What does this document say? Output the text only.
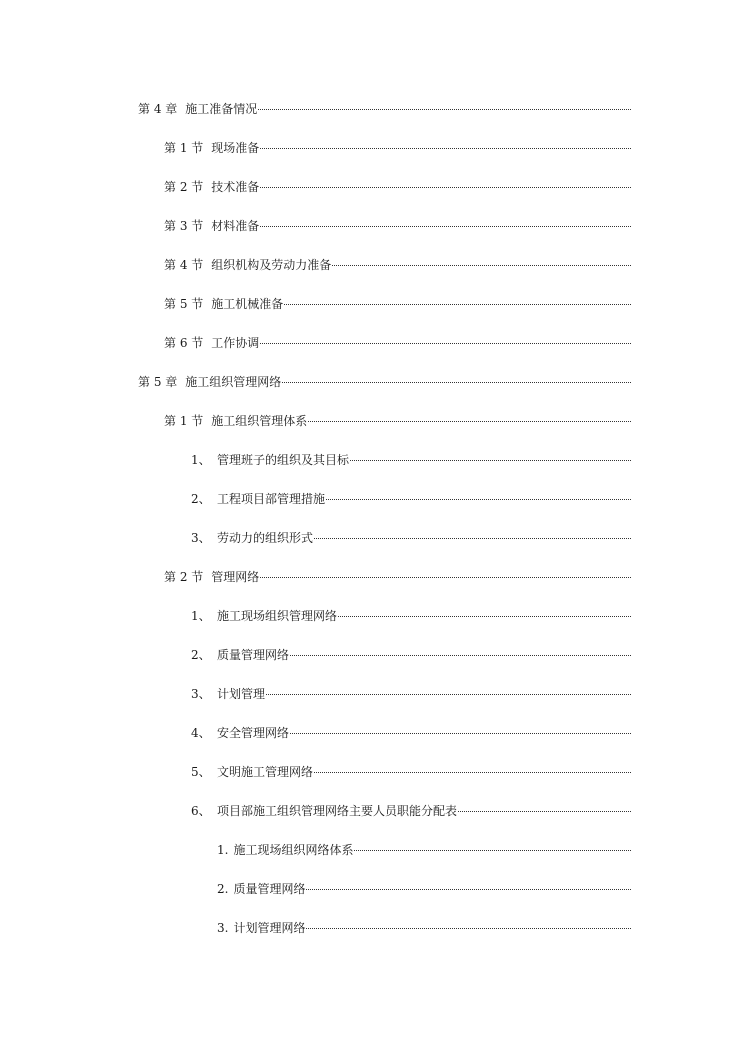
第 4 章 施工准备情况
第 1 节 现场准备
第 2 节 技术准备
第 3 节 材料准备
第 4 节 组织机构及劳动力准备
第 5 节 施工机械准备
第 6 节 工作协调
第 5 章 施工组织管理网络
第 1 节 施工组织管理体系
1、 管理班子的组织及其目标
2、 工程项目部管理措施
3、 劳动力的组织形式
第 2 节 管理网络
1、 施工现场组织管理网络
2、 质量管理网络
3、 计划管理
4、 安全管理网络
5、 文明施工管理网络
6、 项目部施工组织管理网络主要人员职能分配表
1. 施工现场组织网络体系
2. 质量管理网络
3. 计划管理网络
